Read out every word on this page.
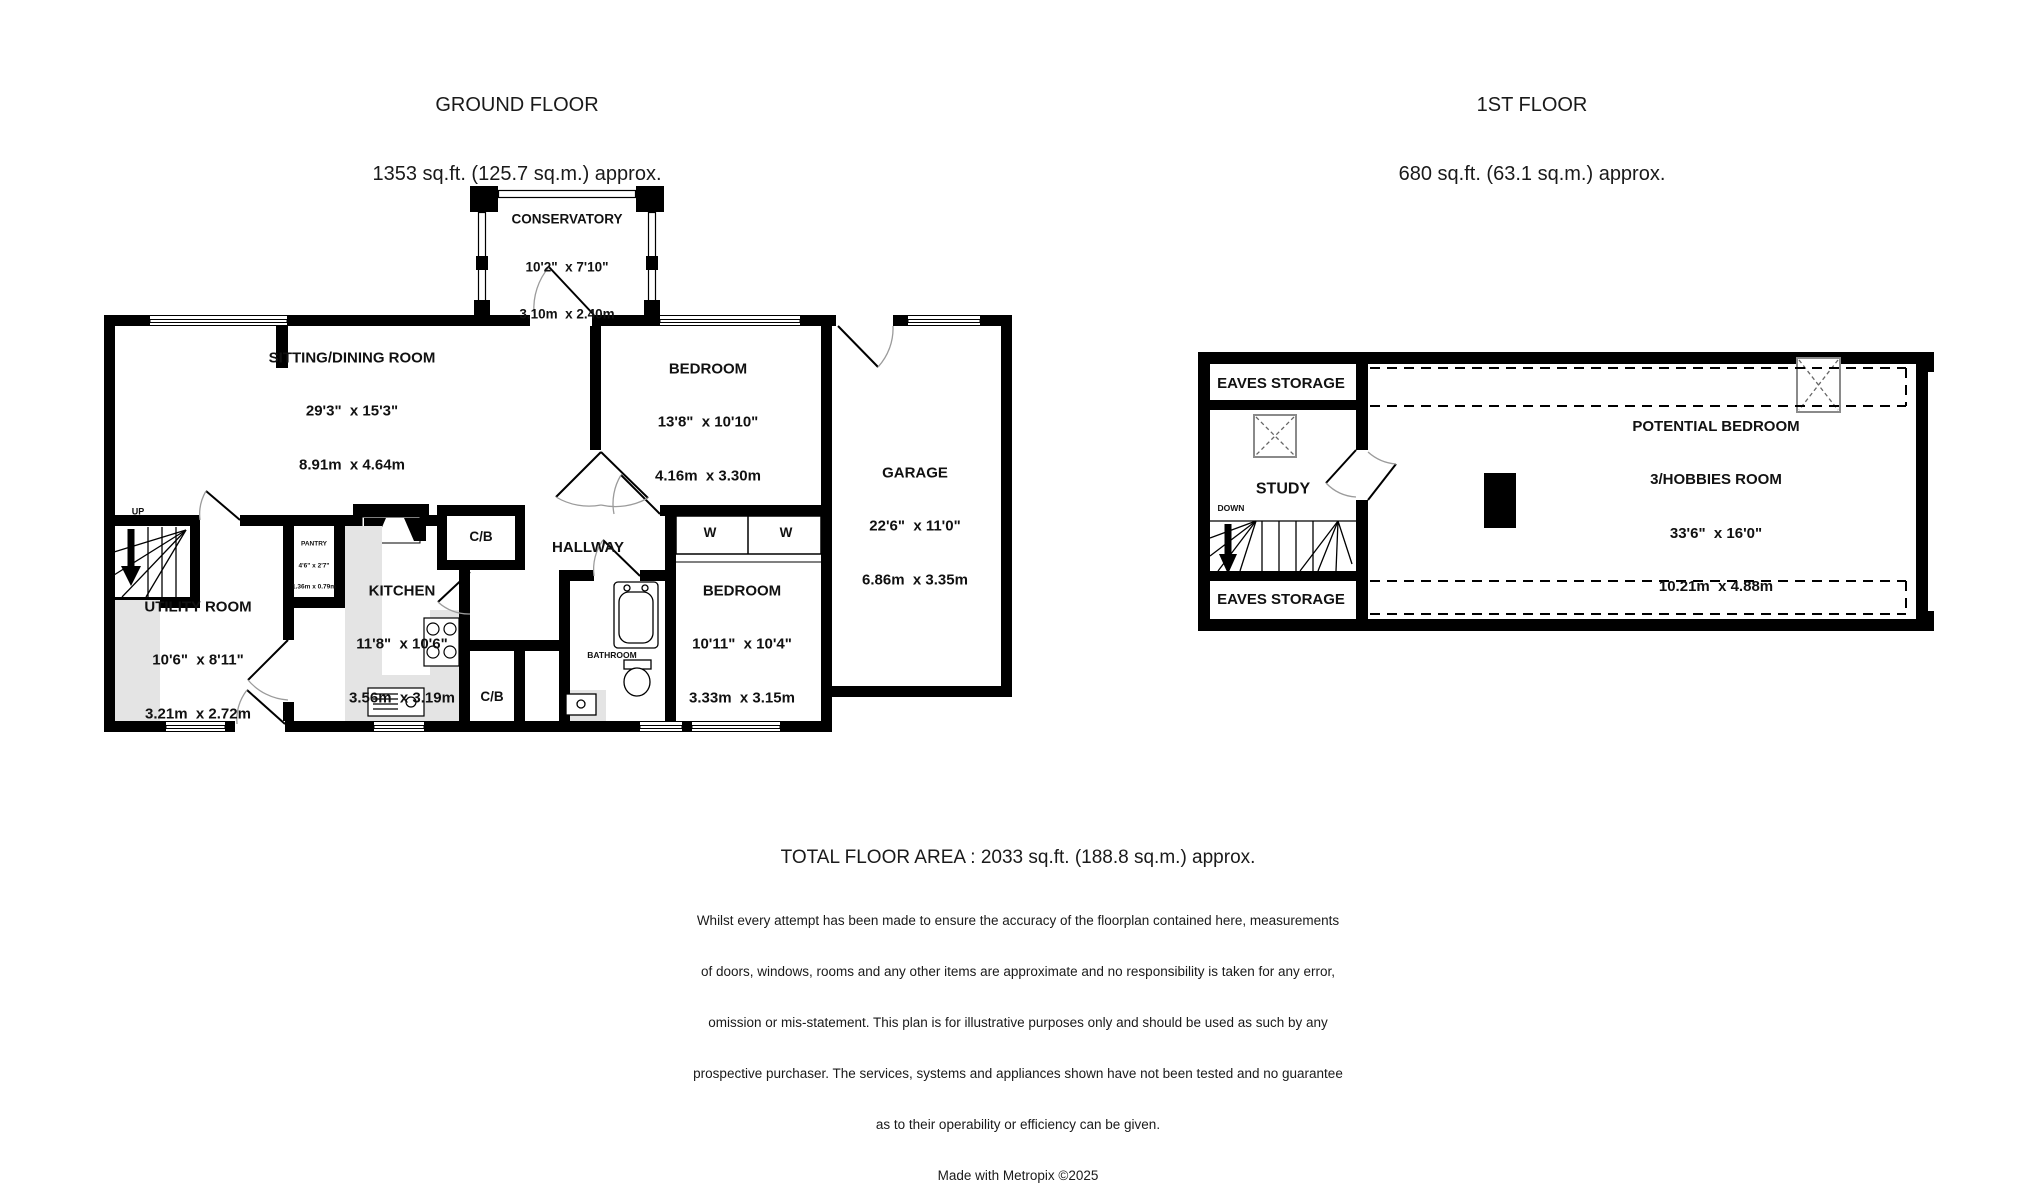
GROUND FLOOR

1353 sq.ft. (125.7 sq.m.) approx.

1ST FLOOR

680 sq.ft. (63.1 sq.m.) approx.

CONSERVATORY

10'2"  x 7'10"

3.10m  x 2.40m

SITTING/DINING ROOM

29'3"  x 15'3"

8.91m  x 4.64m

BEDROOM

13'8"  x 10'10"

4.16m  x 3.30m

	GARAGE

22'6"  x 11'0"

6.86m  x 3.35m

KITCHEN

11'8"  x 10'6"

3.56m  x 3.19m

UTILITY ROOM

10'6"  x 8'11"

3.21m  x 2.72m

BEDROOM

10'11"  x 10'4"

3.33m  x 3.15m

PANTRY

4'6" x 2'7"

1.36m x 0.79m

HALLWAY
BATHROOM
C/B
C/B
W	W
UP
EAVES STORAGE
EAVES STORAGE
STUDY
DOWN

POTENTIAL BEDROOM

3/HOBBIES ROOM

33'6"  x 16'0"

10.21m  x 4.88m

TOTAL FLOOR AREA : 2033 sq.ft. (188.8 sq.m.) approx.

Whilst every attempt has been made to ensure the accuracy of the floorplan contained here, measurements

of doors, windows, rooms and any other items are approximate and no responsibility is taken for any error,

omission or mis-statement. This plan is for illustrative purposes only and should be used as such by any

prospective purchaser. The services, systems and appliances shown have not been tested and no guarantee

as to their operability or efficiency can be given.

Made with Metropix ©2025
